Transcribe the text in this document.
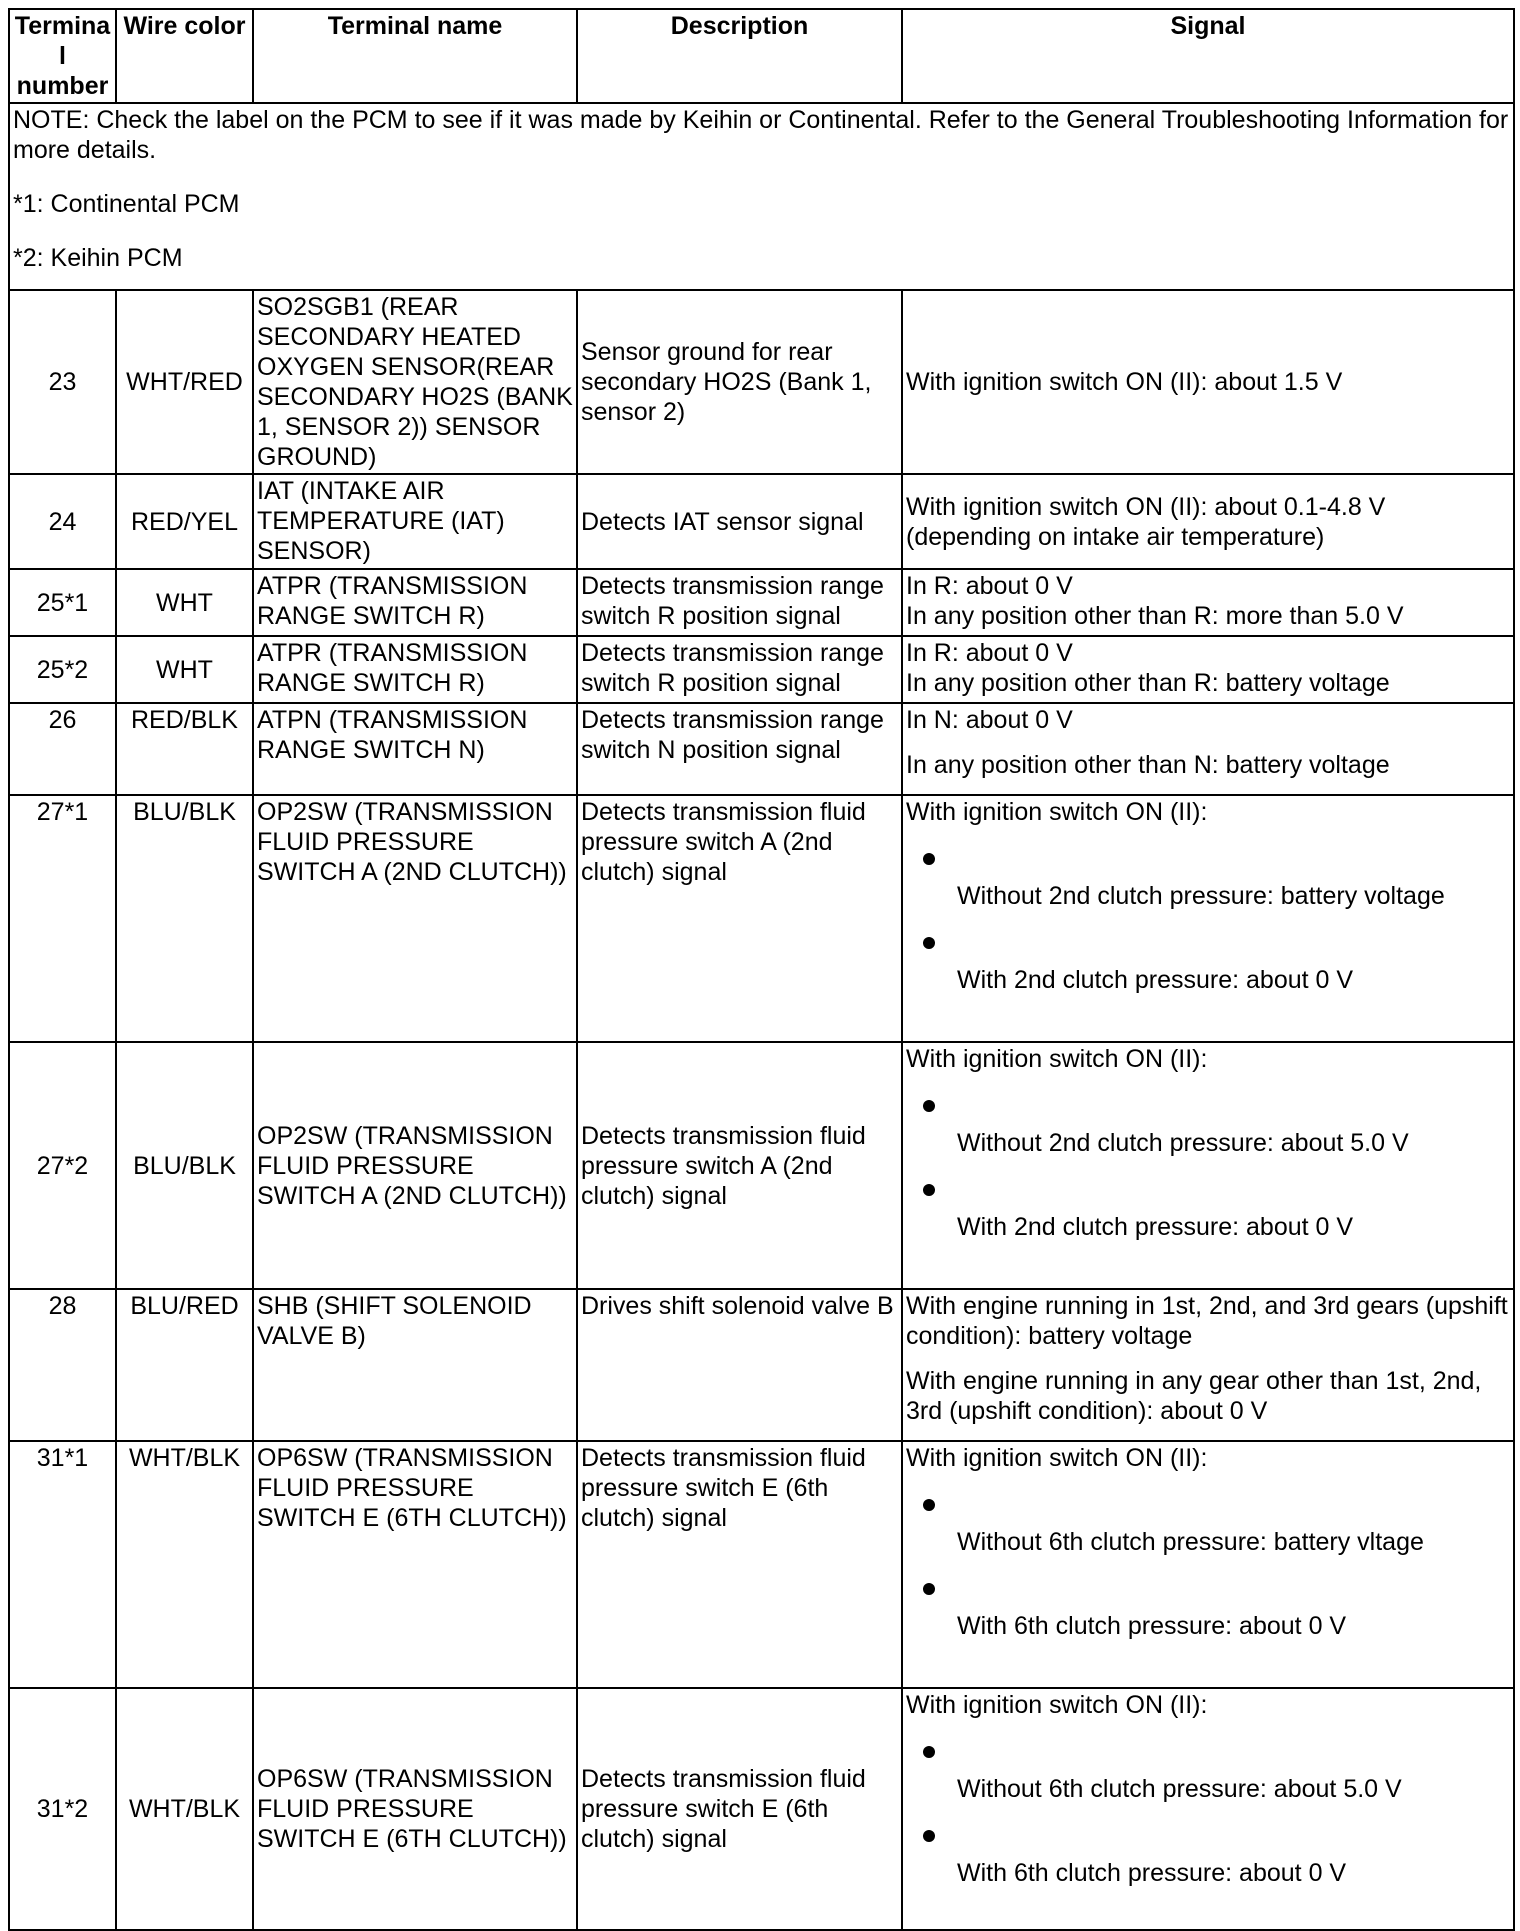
Terminal number	Wire color	Terminal name	Description	Signal

NOTE: Check the label on the PCM to see if it was made by Keihin or Continental. Refer to the General Troubleshooting Information for more details.

*1: Continental PCM

*2: Keihin PCM				

23	WHT/RED	SO2SGB1 (REAR SECONDARY HEATED OXYGEN SENSOR(REAR SECONDARY HO2S (BANK 1, SENSOR 2)) SENSOR GROUND)	Sensor ground for rear secondary HO2S (Bank 1, sensor 2)	With ignition switch ON (II): about 1.5 V

24	RED/YEL	IAT (INTAKE AIR TEMPERATURE (IAT) SENSOR)	Detects IAT sensor signal	With ignition switch ON (II): about 0.1-4.8 V

(depending on intake air temperature)

25*1	WHT	ATPR (TRANSMISSION RANGE SWITCH R)	Detects transmission range switch R position signal	In R: about 0 V

In any position other than R: more than 5.0 V

25*2	WHT	ATPR (TRANSMISSION RANGE SWITCH R)	Detects transmission range switch R position signal	In R: about 0 V

In any position other than R: battery voltage

26	RED/BLK	ATPN (TRANSMISSION RANGE SWITCH N)	Detects transmission range switch N position signal	In N: about 0 V

In any position other than N: battery voltage

27*1	BLU/BLK	OP2SW (TRANSMISSION FLUID PRESSURE SWITCH A (2ND CLUTCH))	Detects transmission fluid pressure switch A (2nd clutch) signal	With ignition switch ON (II):

Without 2nd clutch pressure: battery voltage

With 2nd clutch pressure: about 0 V

27*2	BLU/BLK	OP2SW (TRANSMISSION FLUID PRESSURE SWITCH A (2ND CLUTCH))	Detects transmission fluid pressure switch A (2nd clutch) signal	With ignition switch ON (II):

Without 2nd clutch pressure: about 5.0 V

With 2nd clutch pressure: about 0 V

28	BLU/RED	SHB (SHIFT SOLENOID VALVE B)	Drives shift solenoid valve B	With engine running in 1st, 2nd, and 3rd gears (upshift condition): battery voltage

With engine running in any gear other than 1st, 2nd, 3rd (upshift condition): about 0 V

31*1	WHT/BLK	OP6SW (TRANSMISSION FLUID PRESSURE SWITCH E (6TH CLUTCH))	Detects transmission fluid pressure switch E (6th clutch) signal	With ignition switch ON (II):

Without 6th clutch pressure: battery vltage

With 6th clutch pressure: about 0 V

31*2	WHT/BLK	OP6SW (TRANSMISSION FLUID PRESSURE SWITCH E (6TH CLUTCH))	Detects transmission fluid pressure switch E (6th clutch) signal	With ignition switch ON (II):

Without 6th clutch pressure: about 5.0 V

With 6th clutch pressure: about 0 V
